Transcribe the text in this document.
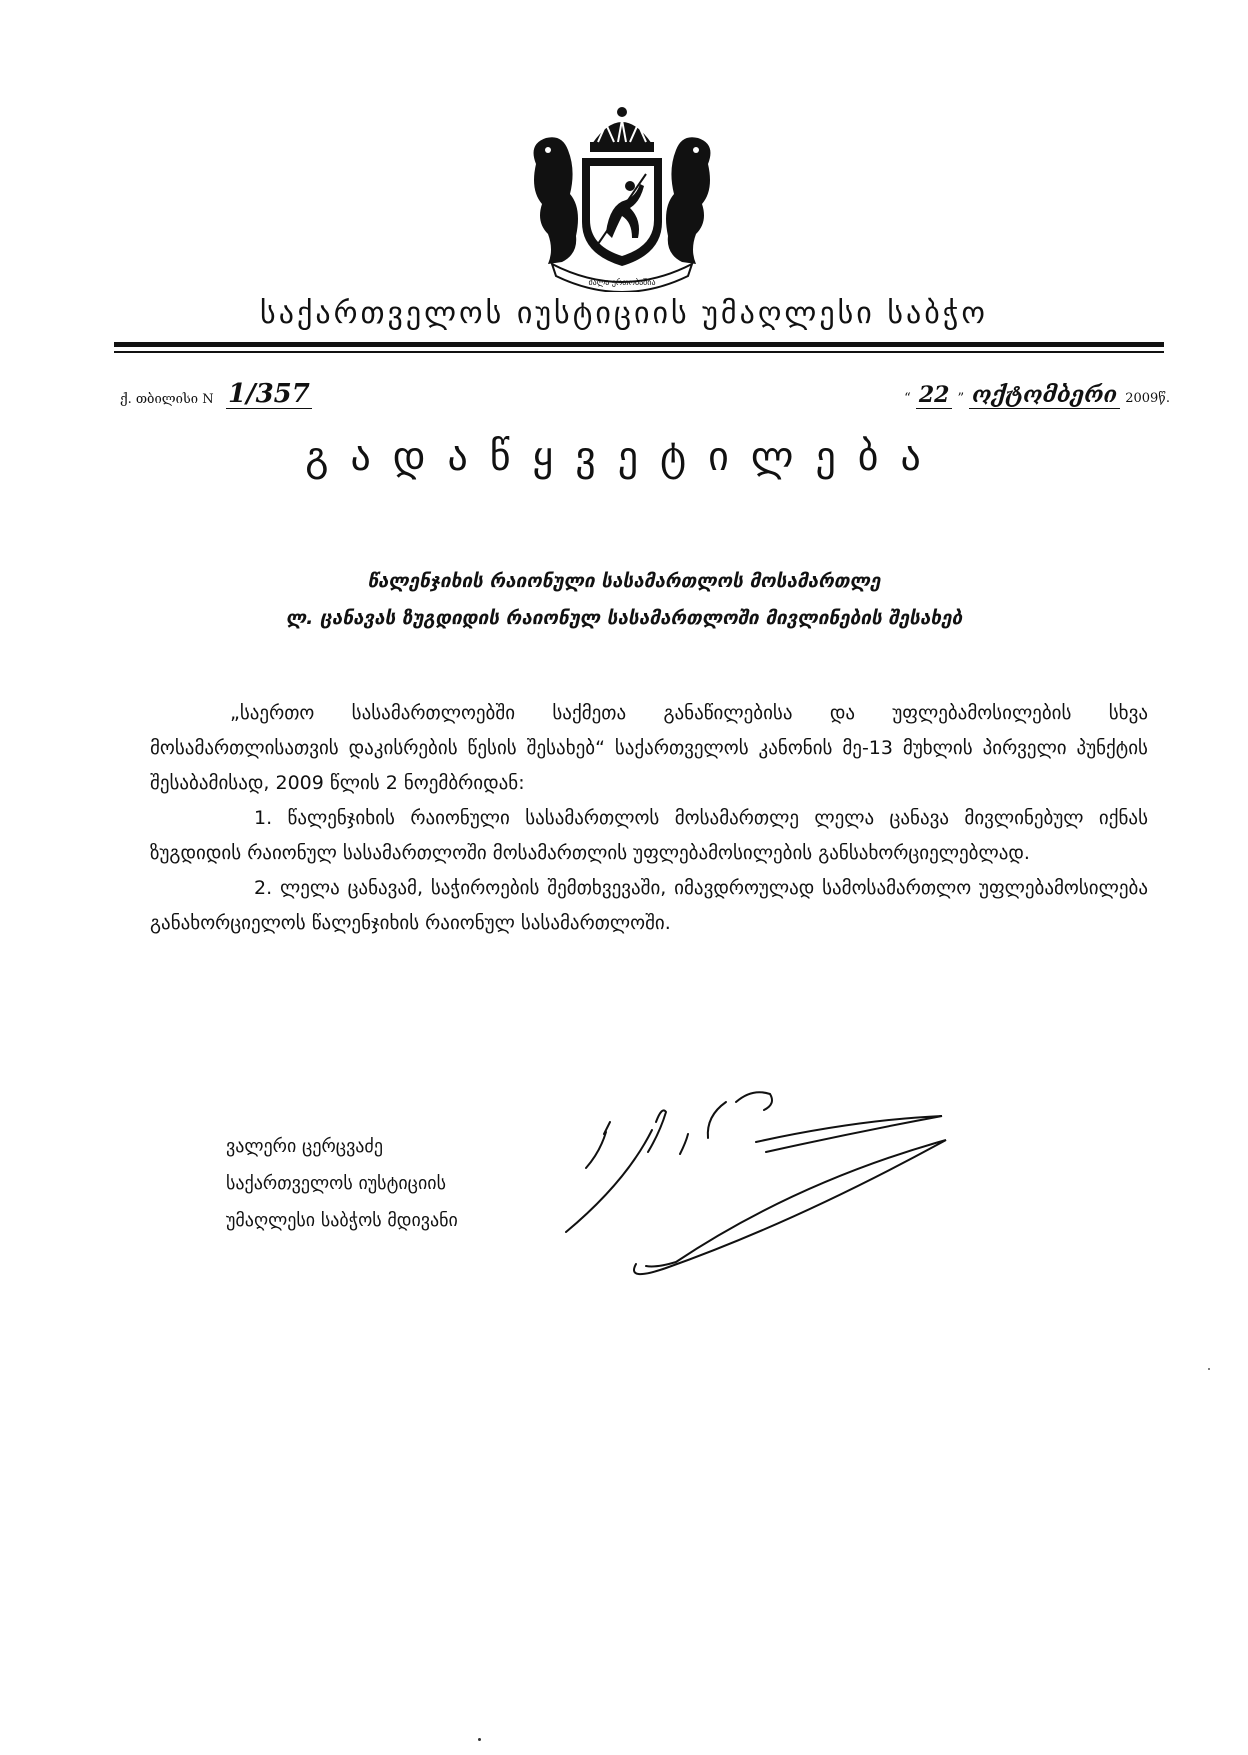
ძალა ერთობაშია
საქართველოს იუსტიციის უმაღლესი საბჭო
ქ. თბილისი N 1/357	“ 22 ” ოქტომბერი 2009წ.
გადაწყვეტილება
წალენჯიხის რაიონული სასამართლოს მოსამართლე
ლ. ცანავას ზუგდიდის რაიონულ სასამართლოში მივლინების შესახებ

„საერთო სასამართლოებში საქმეთა განაწილებისა და უფლებამოსილების სხვა მოსამართლისათვის დაკისრების წესის შესახებ“ საქართველოს კანონის მე-13 მუხლის პირველი პუნქტის შესაბამისად, 2009 წლის 2 ნოემბრიდან:

1. წალენჯიხის რაიონული სასამართლოს მოსამართლე ლელა ცანავა მივლინებულ იქნას ზუგდიდის რაიონულ სასამართლოში მოსამართლის უფლებამოსილების განსახორციელებლად.

2. ლელა ცანავამ, საჭიროების შემთხვევაში, იმავდროულად სამოსამართლო უფლებამოსილება განახორციელოს წალენჯიხის რაიონულ სასამართლოში.

ვალერი ცერცვაძე
საქართველოს იუსტიციის
უმაღლესი საბჭოს მდივანი
